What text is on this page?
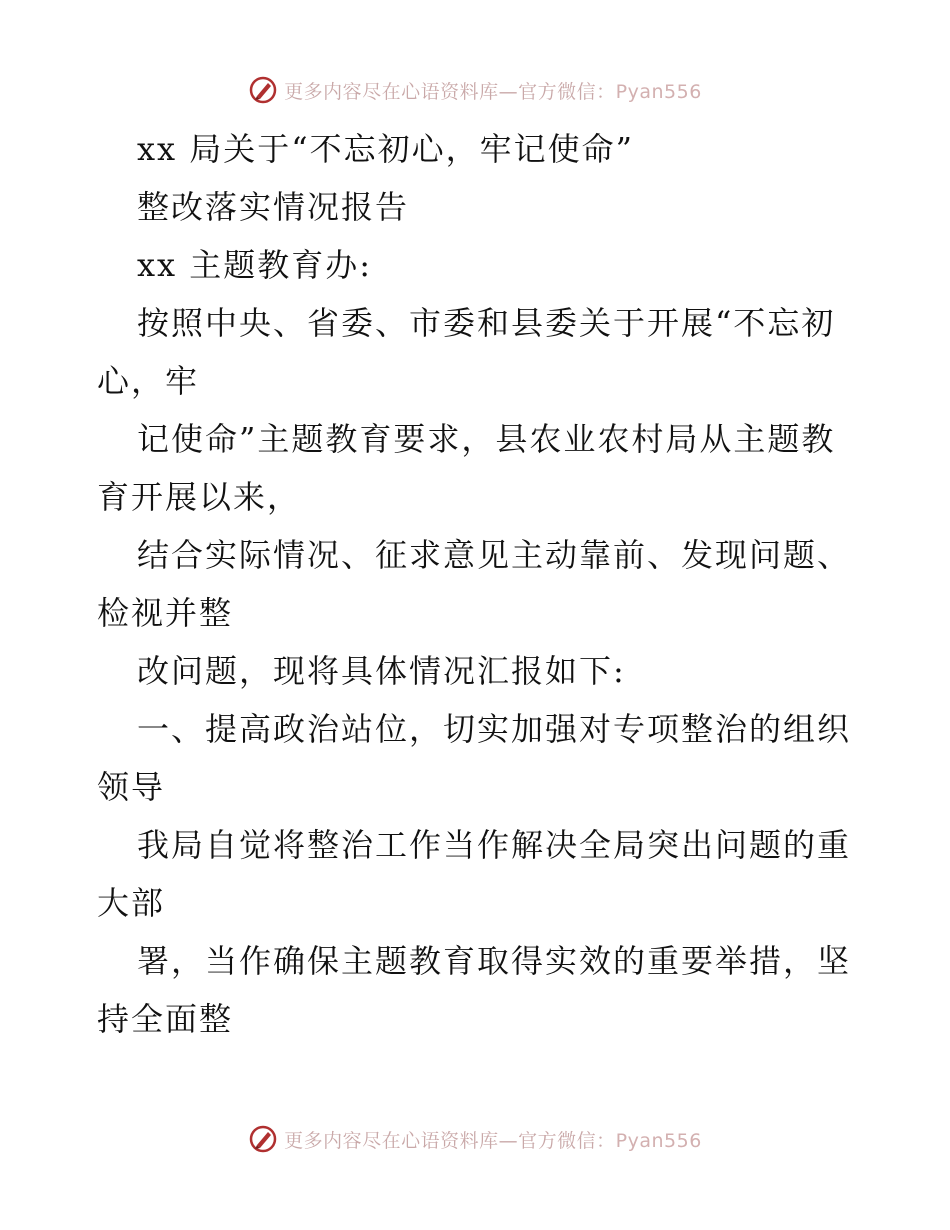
更多内容尽在心语资料库—官方微信：Pyan556
xx 局关于“不忘初心，牢记使命”
整改落实情况报告
xx 主题教育办:
按照中央、省委、市委和县委关于开展“不忘初
心，牢
记使命”主题教育要求，县农业农村局从主题教
育开展以来，
结合实际情况、征求意见主动靠前、发现问题、
检视并整
改问题，现将具体情况汇报如下:
一、提高政治站位，切实加强对专项整治的组织
领导
我局自觉将整治工作当作解决全局突出问题的重
大部
署，当作确保主题教育取得实效的重要举措，坚
持全面整
更多内容尽在心语资料库—官方微信：Pyan556
